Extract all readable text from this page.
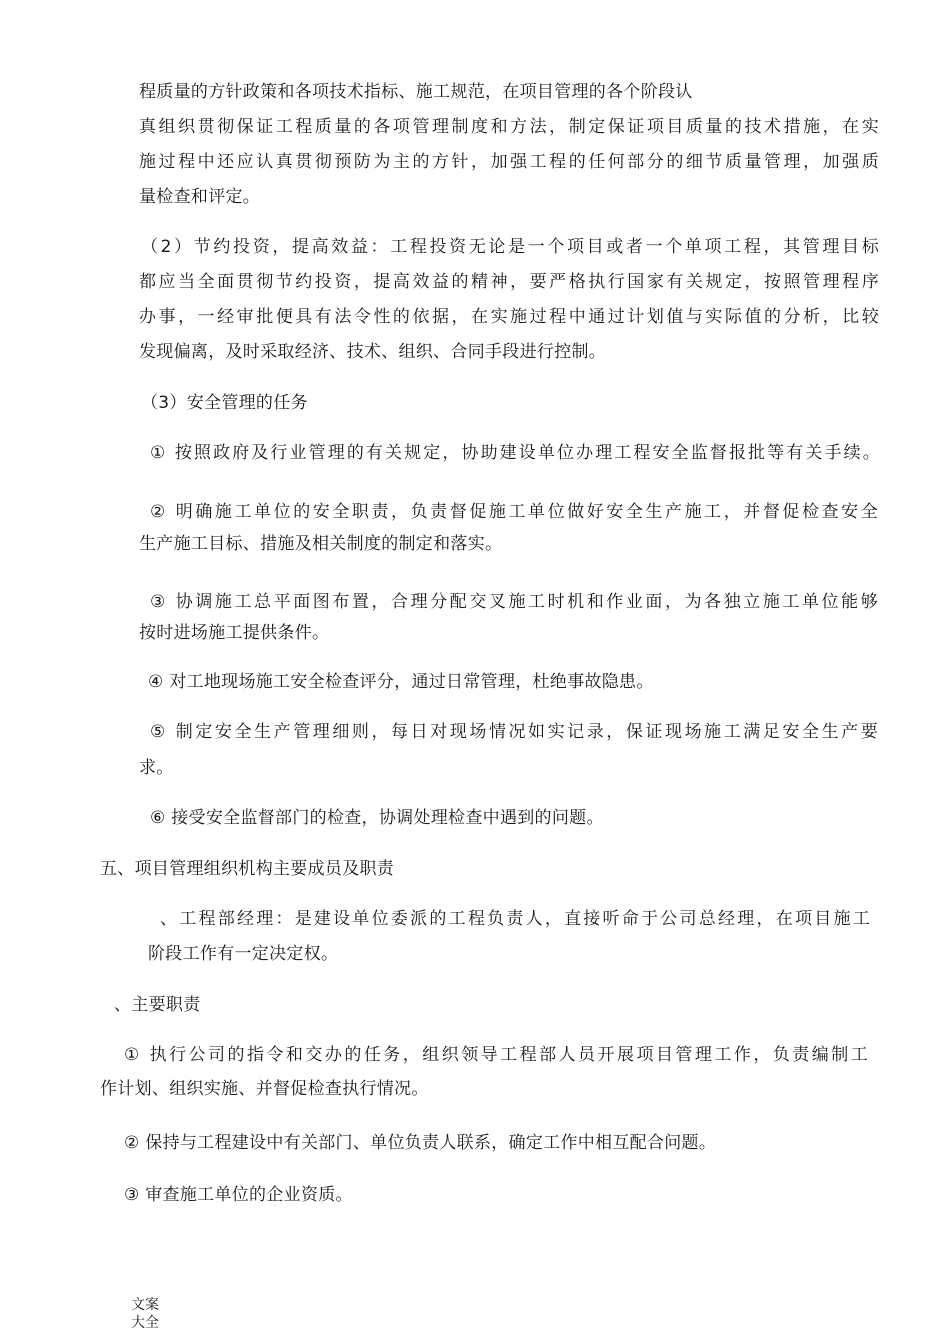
程质量的方针政策和各项技术指标、施工规范，在项目管理的各个阶段认
真组织贯彻保证工程质量的各项管理制度和方法，制定保证项目质量的技术措施，在实
施过程中还应认真贯彻预防为主的方针，加强工程的任何部分的细节质量管理，加强质
量检查和评定。
（2）节约投资，提高效益：工程投资无论是一个项目或者一个单项工程，其管理目标
都应当全面贯彻节约投资，提高效益的精神，要严格执行国家有关规定，按照管理程序
办事，一经审批便具有法令性的依据，在实施过程中通过计划值与实际值的分析，比较
发现偏离，及时采取经济、技术、组织、合同手段进行控制。
（3）安全管理的任务
① 按照政府及行业管理的有关规定，协助建设单位办理工程安全监督报批等有关手续。
② 明确施工单位的安全职责，负责督促施工单位做好安全生产施工，并督促检查安全
生产施工目标、措施及相关制度的制定和落实。
③ 协调施工总平面图布置，合理分配交叉施工时机和作业面，为各独立施工单位能够
按时进场施工提供条件。
④ 对工地现场施工安全检查评分，通过日常管理，杜绝事故隐患。
⑤ 制定安全生产管理细则，每日对现场情况如实记录，保证现场施工满足安全生产要
求。
⑥ 接受安全监督部门的检查，协调处理检查中遇到的问题。
五、项目管理组织机构主要成员及职责
、工程部经理：是建设单位委派的工程负责人，直接听命于公司总经理，在项目施工
阶段工作有一定决定权。
、主要职责
① 执行公司的指令和交办的任务，组织领导工程部人员开展项目管理工作，负责编制工
作计划、组织实施、并督促检查执行情况。
② 保持与工程建设中有关部门、单位负责人联系，确定工作中相互配合问题。
③ 审查施工单位的企业资质。
文案
大全
